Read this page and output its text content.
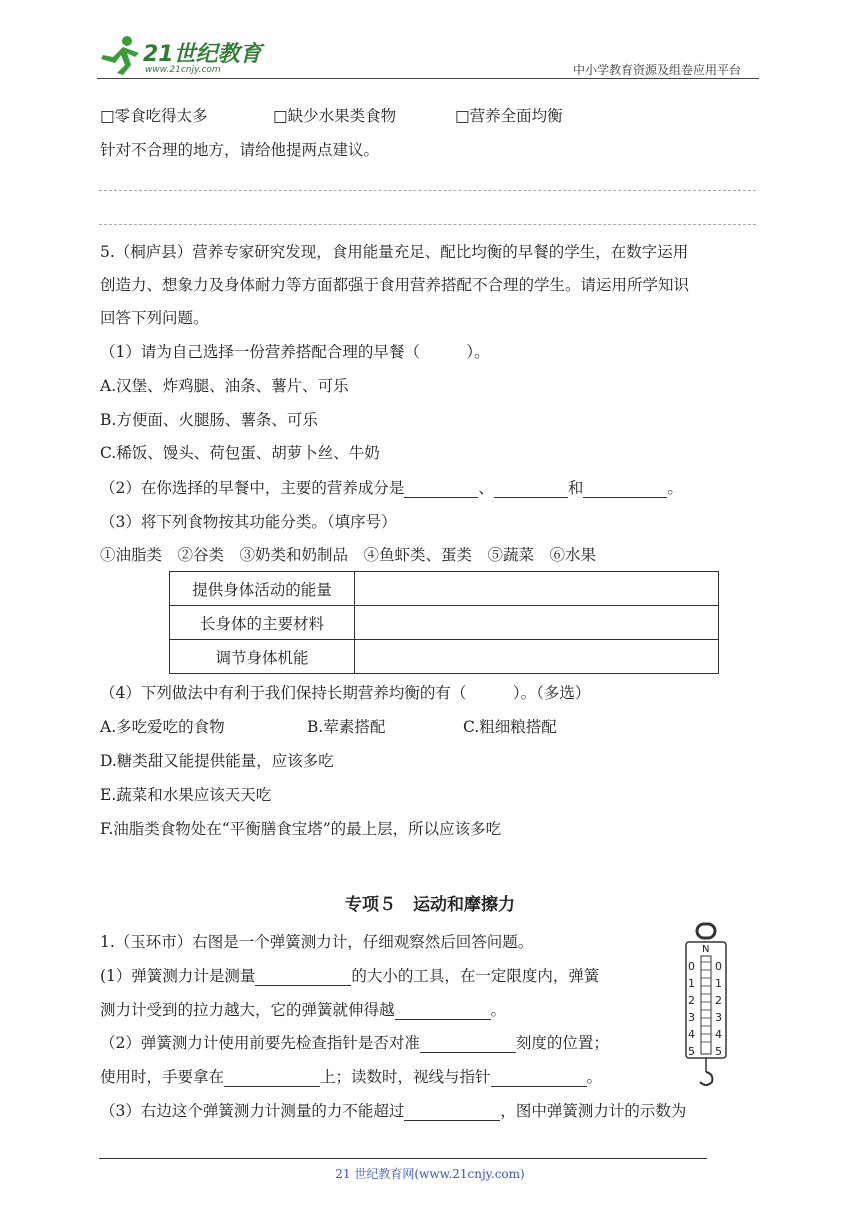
21世纪教育
www.21cnjy.com	中小学教育资源及组卷应用平台
□零食吃得太多	□缺少水果类食物	□营养全面均衡
针对不合理的地方，请给他提两点建议。
5.（桐庐县）营养专家研究发现，食用能量充足、配比均衡的早餐的学生，在数字运用
创造力、想象力及身体耐力等方面都强于食用营养搭配不合理的学生。请运用所学知识
回答下列问题。
（1）请为自己选择一份营养搭配合理的早餐（　　　）。
A.汉堡、炸鸡腿、油条、薯片、可乐
B.方便面、火腿肠、薯条、可乐
C.稀饭、馒头、荷包蛋、胡萝卜丝、牛奶
（2）在你选择的早餐中，主要的营养成分是	、	和	。
（3）将下列食物按其功能分类。（填序号）
①油脂类　②谷类　③奶类和奶制品　④鱼虾类、蛋类　⑤蔬菜　⑥水果
提供身体活动的能量	
长身体的主要材料	
调节身体机能	
（4）下列做法中有利于我们保持长期营养均衡的有（　　　）。（多选）
A.多吃爱吃的食物	B.荤素搭配	C.粗细粮搭配
D.糖类甜又能提供能量，应该多吃
E.蔬菜和水果应该天天吃
F.油脂类食物处在“平衡膳食宝塔”的最上层，所以应该多吃
专项５　运动和摩擦力
1.（玉环市）右图是一个弹簧测力计，仔细观察然后回答问题。
(1）弹簧测力计是测量	的大小的工具，在一定限度内，弹簧
测力计受到的拉力越大，它的弹簧就伸得越	。
（2）弹簧测力计使用前要先检查指针是否对准	刻度的位置；
使用时，手要拿在	上；读数时，视线与指针	。
（3）右边这个弹簧测力计测量的力不能超过	，图中弹簧测力计的示数为
N
0
1
2
3
4
5
0
1
2
3
4
5
21 世纪教育网(www.21cnjy.com)
